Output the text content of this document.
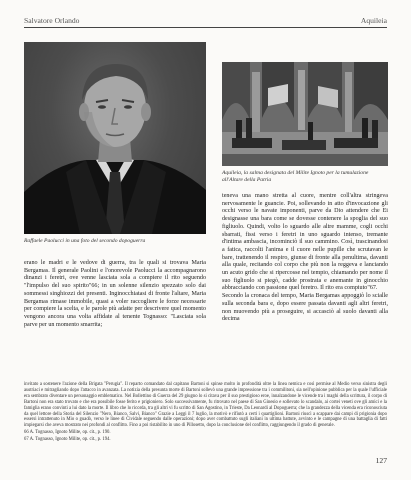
Salvatore Orlando	Aquileia
Raffaele Paolucci in una foto del secondo dopoguerra
Aquileia, la salma designata del Milite Ignoto per la tumulazione all'Altare della Patria

erano le madri e le vedove di guerra, tra le quali si trovava Maria Bergamas. Il generale Paolini e l'onorevole Paolucci la accompagnarono dinanzi i feretri, ove venne lasciata sola a compiere il rito seguendo "l'impulso del suo spirito"66; in un solenne silenzio spezzato solo dai sommessi singhiozzi dei presenti. Inginocchiatasi di fronte l'altare, Maria Bergamas rimase immobile, quasi a voler raccogliere le forze necessarie per compiere la scelta, e le parole più adatte per descrivere quel momento vengono ancora una volta affidate al tenente Tognasso: "Lasciata sola parve per un momento smarrita;

teneva una mano stretta al cuore, mentre coll'altra stringeva nervosamente le guancie. Poi, sollevando in atto d'invocazione gli occhi verso le navate imponenti, parve da Dio attendere che Ei designasse una bara come se dovesse contenere la spoglia del suo figliuolo. Quindi, volto lo sguardo alle altre mamme, cogli occhi sbarrati, fissi verso i feretri in uno sguardo intenso, tremante d'intima ambascia, incominciò il suo cammino. Così, trascinandosi a fatica, raccolti l'anima e il cuore nelle pupille che scrutavan le bare, trattenendo il respiro, giunse di fronte alla penultima, davanti alla quale, recitando col corpo che più non la reggeva e lanciando un acuto grido che si ripercosse nel tempio, chiamando per nome il suo figliuolo si piegò, cadde prostrata e anemante in ginocchio abbracciando con passione quel feretro. Il rito era compiuto"67.

Secondo la cronaca del tempo, Maria Bergamas appoggiò lo scialle sulla seconda bara e, dopo essere passata davanti agli altri feretri, non muovendo più a proseguire, si accasciò al suolo davanti alla decima

invitato a sostenere l'azione della Brigata "Perugia". Il reparto comandato dal capitano Bartoni si spinse molto in profondità oltre la linea nemica e così permise al Medio verso sinistra degli austriaci e mitragliando dopo l'attacco in avanzata. La notizia della presunta morte di Bartoni sollevò una grande impressione tra i commilitoni, sia nell'opinione pubblica per la quale l'ufficiale era sembrato diventare un personaggio emblematico. Nel Bollettino di Guerra del 29 giugno lo si citava per il suo prestigioso eroe, innalzandone le vicende tra i maghi della scrittura, il corpo di Bartoni non era stato trovato e che era possibile fosse ferito e prigioniero. Solo successivamente, fu ritrovato nel paese di San Ginesio e sollevato lo scandalo, ai cortei veneti ove gli amici e la famiglia erano convinti a lui dato la morte. Il libro che lo ricorda, tra gli altri vi fu scritto di San Agostino, in Trieste, Da Leonardi al Dopoguerra; che la grandezza della vicenda era riconosciuta da quel lettore della Storia del Silenzio "Nero, Bianco, Salvi, Bianco" Grazie a Leggi il 7 luglio, la motivò e rifiutò a certi i quartiglioni. Bartoni riuscì a scappare dai campi di prigionia dopo essersi intrattenuto in Mio o guadò, verso le linee di Cividale seguendo dalle operazioni; dopo aver combattuto sugli italiani in ultima battute, avvinto e le campagne di una battaglia di fatti impiegarsi che aveva mostrato nei profondi al conflitto. Fino a poi ristabilito in uno di Pillosetto, dopo la conclusione del conflitto, raggiungendo il grado di generale.

66 A. Tognasso, Ignoto Milite, op. cit., p. 190.

67 A. Tognasso, Ignoto Milite, op. cit., p. 194.

127
